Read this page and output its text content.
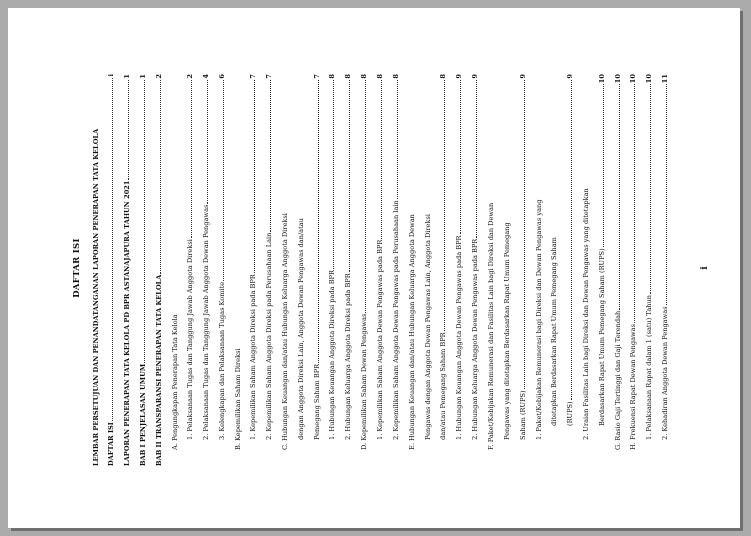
DAFTAR ISI LEMBAR PERSETUJUAN DAN PENANDATANGANAN LAPORAN PENERAPAN TATA KELOLA DAFTAR ISI
i
LAPORAN PENERAPAN TATA KELOLA PD BPR ASTANAJAPURA TAHUN 2021
1
BAB I PENJELASAN UMUM
1
BAB II TRANSPARANSI PENERAPAN TATA KELOLA
2
A. Pengungkapan Penerapan Tata Kelola 1. Pelaksanaan Tugas dan Tanggung Jawab Anggota Direksi
2
2. Pelaksanaan Tugas dan Tanggung Jawab Anggota Dewan Pengawas
4
3. Kelengkapan dan Pelaksanaan Tugas Komite
6
B. Kepemilikan Saham Direksi 1. Kepemilikan Saham Anggota Direksi pada BPR
7
2. Kepemilikan Saham Anggota Direksi pada Perusahaan Lain
7
C. Hubungan Keuangan dan/atau Hubungan Keluarga Anggota Direksi dengan Anggota Direksi Lain, Anggota Dewan Pengawas dan/atau Pemegang Saham BPR
7
1. Hubungan Keuangan Anggota Direksi pada BPR
8
2. Hubungan Keluarga Anggota Direksi pada BPR
8
D. Kepemilikan Saham Dewan Pengawas
8
1. Kepemilikan Saham Anggota Dewan Pengawas pada BPR
8
2. Kepemilikan Saham Anggota Dewan Pengawas pada Perusahaan lain
8
E. Hubungan Keuangan dan/atau Hubungan Keluarga Anggota Dewan Pengawas dengan Anggota Dewan Pengawas Lain, Anggota Direksi dan/atau Pemegang Saham BPR
8
1. Hubungan Keuangan Anggota Dewan Pengawas pada BPR
9
2. Hubungan Keluarga Anggota Dewan Pengawas pada BPR
9
F. Paket/Kebijakan Remunerasi dan Fasilitas Lain bagi Direksi dan Dewan Pengawas yang ditetapkan Berdasarkan Rapat Umum Pemegang Saham (RUPS)
9
1. Paket/Kebijakan Remunerasi bagi Direksi dan Dewan Pengawas yang ditetapkan Berdasarkan Rapat Umum Pemegang Saham (RUPS)
9
2. Uraian Fasilitas Lain bagi Direksi dan Dewan Pengawas yang ditetapkan Berdasarkan Rapat Umum Pemegang Saham (RUPS)
10
G. Rasio Gaji Tertinggi dan Gaji Terendah
10
H. Frekuensi Rapat Dewan Pengawas
10
1. Pelaksanaan Rapat dalam 1 (satu) Tahun
10
2. Kehadiran Anggota Dewan Pengawas
11
i
